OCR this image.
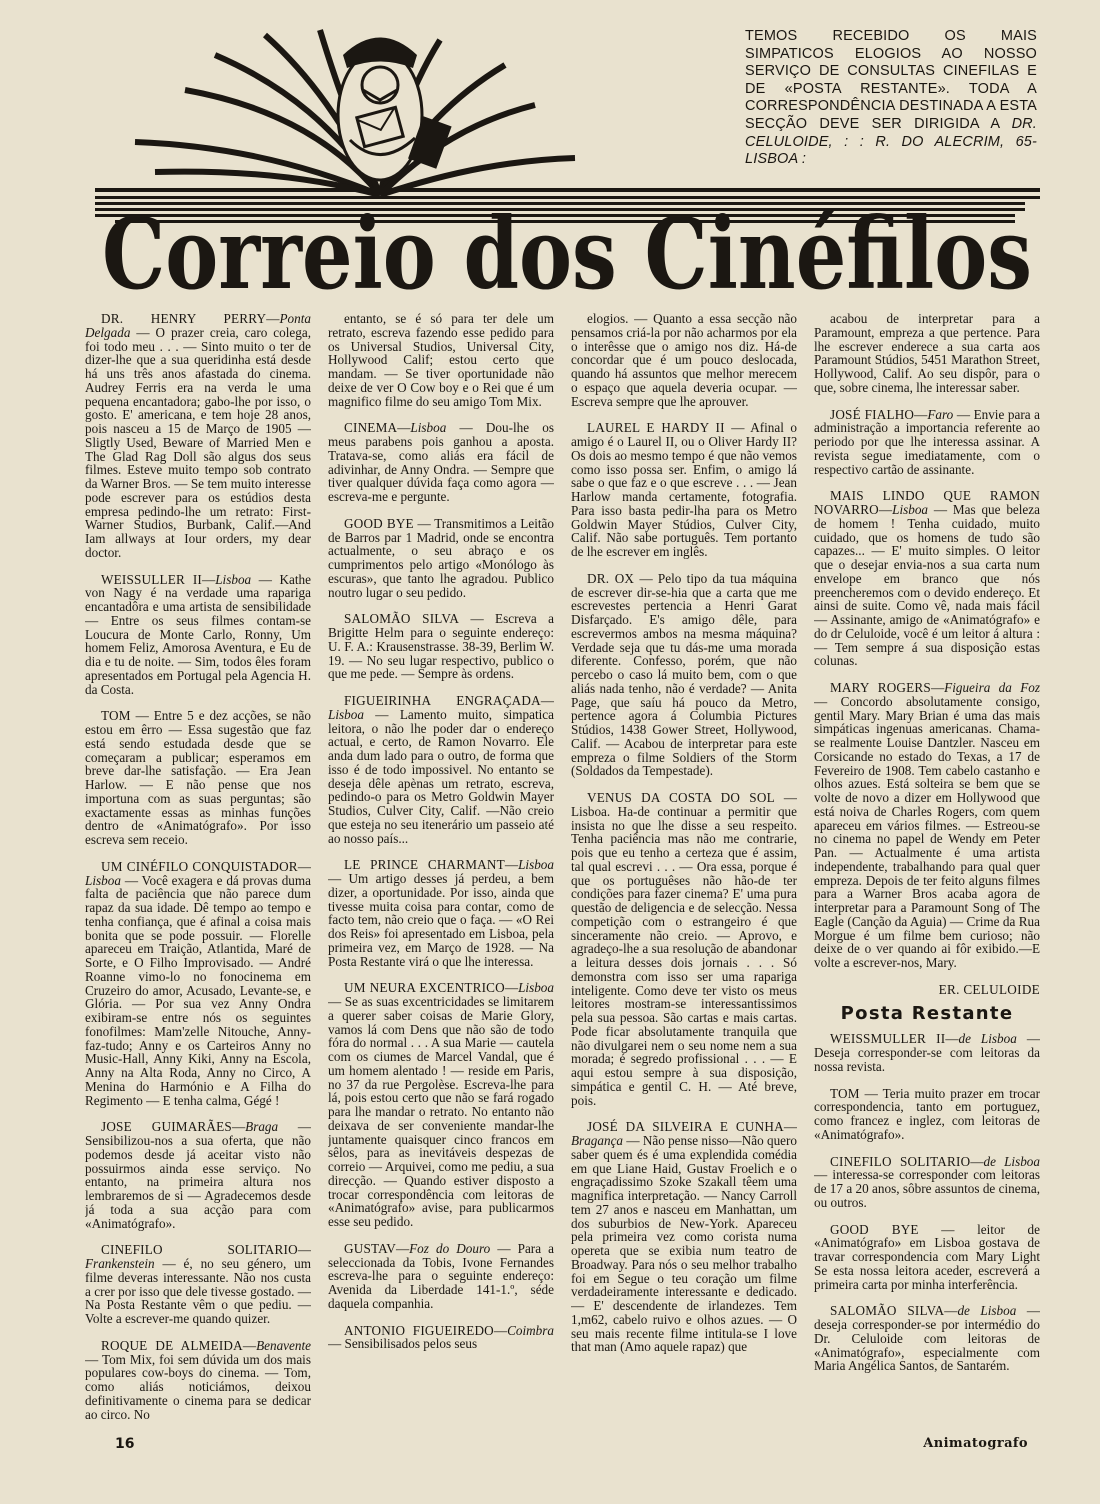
Correio dos Cinéfilos
TEMOS RECEBIDO OS MAIS SIMPATICOS ELOGIOS AO NOSSO SERVIÇO DE CONSULTAS CINEFILAS E DE «POSTA RESTANTE». TODA A CORRESPONDÊNCIA DESTINADA A ESTA SECÇÃO DEVE SER DIRIGIDA A DR. CELULOIDE, : : R. DO ALECRIM, 65-LISBOA :

DR. HENRY PERRY—Ponta Delgada — O prazer creia, caro colega, foi todo meu . . . — Sinto muito o ter de dizer-lhe que a sua queridinha está desde há uns três anos afastada do cinema. Audrey Ferris era na verda le uma pequena encantadora; gabo-lhe por isso, o gosto. E' americana, e tem hoje 28 anos, pois nasceu a 15 de Março de 1905 — Sligtly Used, Beware of Married Men e The Glad Rag Doll são algus dos seus filmes. Esteve muito tempo sob contrato da Warner Bros. — Se tem muito interesse pode escrever para os estúdios desta empresa pedindo-lhe um retrato: First-Warner Studios, Burbank, Calif.—And Iam allways at Iour orders, my dear doctor.

WEISSULLER II—Lisboa — Kathe von Nagy é na verdade uma rapariga encantadôra e uma artista de sensibilidade — Entre os seus filmes contam-se Loucura de Monte Carlo, Ronny, Um homem Feliz, Amorosa Aventura, e Eu de dia e tu de noite. — Sim, todos êles foram apresentados em Portugal pela Agencia H. da Costa.

TOM — Entre 5 e dez acções, se não estou em êrro — Essa sugestão que faz está sendo estudada desde que se começaram a publicar; esperamos em breve dar-lhe satisfação. — Era Jean Harlow. — E não pense que nos importuna com as suas perguntas; são exactamente essas as minhas funções dentro de «Animatógrafo». Por isso escreva sem receio.

UM CINÉFILO CONQUISTADOR—Lisboa — Você exagera e dá provas duma falta de paciência que não parece dum rapaz da sua idade. Dê tempo ao tempo e tenha confiança, que é afinal a coisa mais bonita que se pode possuir. — Florelle apareceu em Traição, Atlantida, Maré de Sorte, e O Filho Improvisado. — André Roanne vimo-lo no fonocinema em Cruzeiro do amor, Acusado, Levante-se, e Glória. — Por sua vez Anny Ondra exibiram-se entre nós os seguintes fonofilmes: Mam'zelle Nitouche, Anny-faz-tudo; Anny e os Carteiros Anny no Music-Hall, Anny Kiki, Anny na Escola, Anny na Alta Roda, Anny no Circo, A Menina do Harmónio e A Filha do Regimento — E tenha calma, Gégé !

JOSE GUIMARÃES—Braga — Sensibilizou-nos a sua oferta, que não podemos desde já aceitar visto não possuirmos ainda esse serviço. No entanto, na primeira altura nos lembraremos de si — Agradecemos desde já toda a sua acção para com «Animatógrafo».

CINEFILO SOLITARIO—Frankenstein — é, no seu género, um filme deveras interessante. Não nos custa a crer por isso que dele tivesse gostado. — Na Posta Restante vêm o que pediu. — Volte a escrever-me quando quizer.

ROQUE DE ALMEIDA—Benavente — Tom Mix, foi sem dúvida um dos mais populares cow-boys do cinema. — Tom, como aliás noticiámos, deixou definitivamente o cinema para se dedicar ao circo. No

entanto, se é só para ter dele um retrato, escreva fazendo esse pedido para os Universal Studios, Universal City, Hollywood Calif; estou certo que mandam. — Se tiver oportunidade não deixe de ver O Cow boy e o Rei que é um magnifico filme do seu amigo Tom Mix.

CINEMA—Lisboa — Dou-lhe os meus parabens pois ganhou a aposta. Tratava-se, como aliás era fácil de adivinhar, de Anny Ondra. — Sempre que tiver qualquer dúvida faça como agora — escreva-me e pergunte.

GOOD BYE — Transmitimos a Leitão de Barros par 1 Madrid, onde se encontra actualmente, o seu abraço e os cumprimentos pelo artigo «Monólogo às escuras», que tanto lhe agradou. Publico noutro lugar o seu pedido.

SALOMÃO SILVA — Escreva a Brigitte Helm para o seguinte endereço: U. F. A.: Krausenstrasse. 38-39, Berlim W. 19. — No seu lugar respectivo, publico o que me pede. — Sempre às ordens.

FIGUEIRINHA ENGRAÇADA—Lisboa — Lamento muito, simpatica leitora, o não lhe poder dar o endereço actual, e certo, de Ramon Novarro. Ele anda dum lado para o outro, de forma que isso é de todo impossivel. No entanto se deseja dêle apènas um retrato, escreva, pedindo-o para os Metro Goldwin Mayer Studios, Culver City, Calif. —Não creio que esteja no seu itenerário um passeio até ao nosso país...

LE PRINCE CHARMANT—Lisboa — Um artigo desses já perdeu, a bem dizer, a oportunidade. Por isso, ainda que tivesse muita coisa para contar, como de facto tem, não creio que o faça. — «O Rei dos Reis» foi apresentado em Lisboa, pela primeira vez, em Março de 1928. — Na Posta Restante virá o que lhe interessa.

UM NEURA EXCENTRICO—Lisboa — Se as suas excentricidades se limitarem a querer saber coisas de Marie Glory, vamos lá com Dens que não são de todo fóra do normal . . . A sua Marie — cautela com os ciumes de Marcel Vandal, que é um homem alentado ! — reside em Paris, no 37 da rue Pergolèse. Escreva-lhe para lá, pois estou certo que não se fará rogado para lhe mandar o retrato. No entanto não deixava de ser conveniente mandar-lhe juntamente quaisquer cinco francos em sêlos, para as inevitáveis despezas de correio — Arquivei, como me pediu, a sua direcção. — Quando estiver disposto a trocar correspondência com leitoras de «Animatógrafo» avise, para publicarmos esse seu pedido.

GUSTAV—Foz do Douro — Para a seleccionada da Tobis, Ivone Fernandes escreva-lhe para o seguinte endereço: Avenida da Liberdade 141-1.º, séde daquela companhia.

ANTONIO FIGUEIREDO—Coimbra — Sensibilisados pelos seus

elogios. — Quanto a essa secção não pensamos criá-la por não acharmos por ela o interêsse que o amigo nos diz. Há-de concordar que é um pouco deslocada, quando há assuntos que melhor merecem o espaço que aquela deveria ocupar. — Escreva sempre que lhe aprouver.

LAUREL E HARDY II — Afinal o amigo é o Laurel II, ou o Oliver Hardy II? Os dois ao mesmo tempo é que não vemos como isso possa ser. Enfim, o amigo lá sabe o que faz e o que escreve . . . — Jean Harlow manda certamente, fotografia. Para isso basta pedir-lha para os Metro Goldwin Mayer Stúdios, Culver City, Calif. Não sabe português. Tem portanto de lhe escrever em inglês.

DR. OX — Pelo tipo da tua máquina de escrever dir-se-hia que a carta que me escrevestes pertencia a Henri Garat Disfarçado. E's amigo dêle, para escrevermos ambos na mesma máquina? Verdade seja que tu dás-me uma morada diferente. Confesso, porém, que não percebo o caso lá muito bem, com o que aliás nada tenho, não é verdade? — Anita Page, que saíu há pouco da Metro, pertence agora á Columbia Pictures Stúdios, 1438 Gower Street, Hollywood, Calif. — Acabou de interpretar para este empreza o filme Soldiers of the Storm (Soldados da Tempestade).

VENUS DA COSTA DO SOL — Lisboa. Ha-de continuar a permitir que insista no que lhe disse a seu respeito. Tenha paciência mas não me contrarie, pois que eu tenho a certeza que é assim, tal qual escrevi . . . — Ora essa, porque é que os portuguêses não hão-de ter condições para fazer cinema? E' uma pura questão de deligencia e de selecção. Nessa competição com o estrangeiro é que sinceramente não creio. — Aprovo, e agradeço-lhe a sua resolução de abandonar a leitura desses dois jornais . . . Só demonstra com isso ser uma rapariga inteligente. Como deve ter visto os meus leitores mostram-se interessantissimos pela sua pessoa. São cartas e mais cartas. Pode ficar absolutamente tranquila que não divulgarei nem o seu nome nem a sua morada; é segredo profissional . . . — E aqui estou sempre à sua disposição, simpática e gentil C. H. — Até breve, pois.

JOSÉ DA SILVEIRA E CUNHA—Bragança — Não pense nisso—Não quero saber quem és é uma explendida comédia em que Liane Haid, Gustav Froelich e o engraçadissimo Szoke Szakall têem uma magnifica interpretação. — Nancy Carroll tem 27 anos e nasceu em Manhattan, um dos suburbios de New-York. Apareceu pela primeira vez como corista numa opereta que se exibia num teatro de Broadway. Para nós o seu melhor trabalho foi em Segue o teu coração um filme verdadeiramente interessante e dedicado. — E' descendente de irlandezes. Tem 1,m62, cabelo ruivo e olhos azues. — O seu mais recente filme intitula-se I love that man (Amo aquele rapaz) que

acabou de interpretar para a Paramount, empreza a que pertence. Para lhe escrever enderece a sua carta aos Paramount Stúdios, 5451 Marathon Street, Hollywood, Calif. Ao seu dispôr, para o que, sobre cinema, lhe interessar saber.

JOSÉ FIALHO—Faro — Envie para a administração a importancia referente ao periodo por que lhe interessa assinar. A revista segue imediatamente, com o respectivo cartão de assinante.

MAIS LINDO QUE RAMON NOVARRO—Lisboa — Mas que beleza de homem ! Tenha cuidado, muito cuidado, que os homens de tudo são capazes... — E' muito simples. O leitor que o desejar envia-nos a sua carta num envelope em branco que nós preencheremos com o devido endereço. Et ainsi de suite. Como vê, nada mais fácil — Assinante, amigo de «Animatógrafo» e do dr Celuloide, você é um leitor á altura : — Tem sempre á sua disposição estas colunas.

MARY ROGERS—Figueira da Foz — Concordo absolutamente consigo, gentil Mary. Mary Brian é uma das mais simpáticas ingenuas americanas. Chama-se realmente Louise Dantzler. Nasceu em Corsicande no estado do Texas, a 17 de Fevereiro de 1908. Tem cabelo castanho e olhos azues. Está solteira se bem que se volte de novo a dizer em Hollywood que está noiva de Charles Rogers, com quem apareceu em vários filmes. — Estreou-se no cinema no papel de Wendy em Peter Pan. — Actualmente é uma artista independente, trabalhando para qual quer empreza. Depois de ter feito alguns filmes para a Warner Bros acaba agora de interpretar para a Paramount Song of The Eagle (Canção da Aguia) — Crime da Rua Morgue é um filme bem curioso; não deixe de o ver quando ai fôr exibido.—E volte a escrever-nos, Mary.

ER. CELULOIDE
Posta Restante

WEISSMULLER II—de Lisboa — Deseja corresponder-se com leitoras da nossa revista.

TOM — Teria muito prazer em trocar correspondencia, tanto em portuguez, como francez e inglez, com leitoras de «Animatógrafo».

CINEFILO SOLITARIO—de Lisboa — interessa-se corresponder com leitoras de 17 a 20 anos, sôbre assuntos de cinema, ou outros.

GOOD BYE — leitor de «Animatógrafo» em Lisboa gostava de travar correspondencia com Mary Light Se esta nossa leitora aceder, escreverá a primeira carta por minha interferência.

SALOMÃO SILVA—de Lisboa — deseja corresponder-se por intermédio do Dr. Celuloide com leitoras de «Animatógrafo», especialmente com Maria Angélica Santos, de Santarém.

16	Animatografo
